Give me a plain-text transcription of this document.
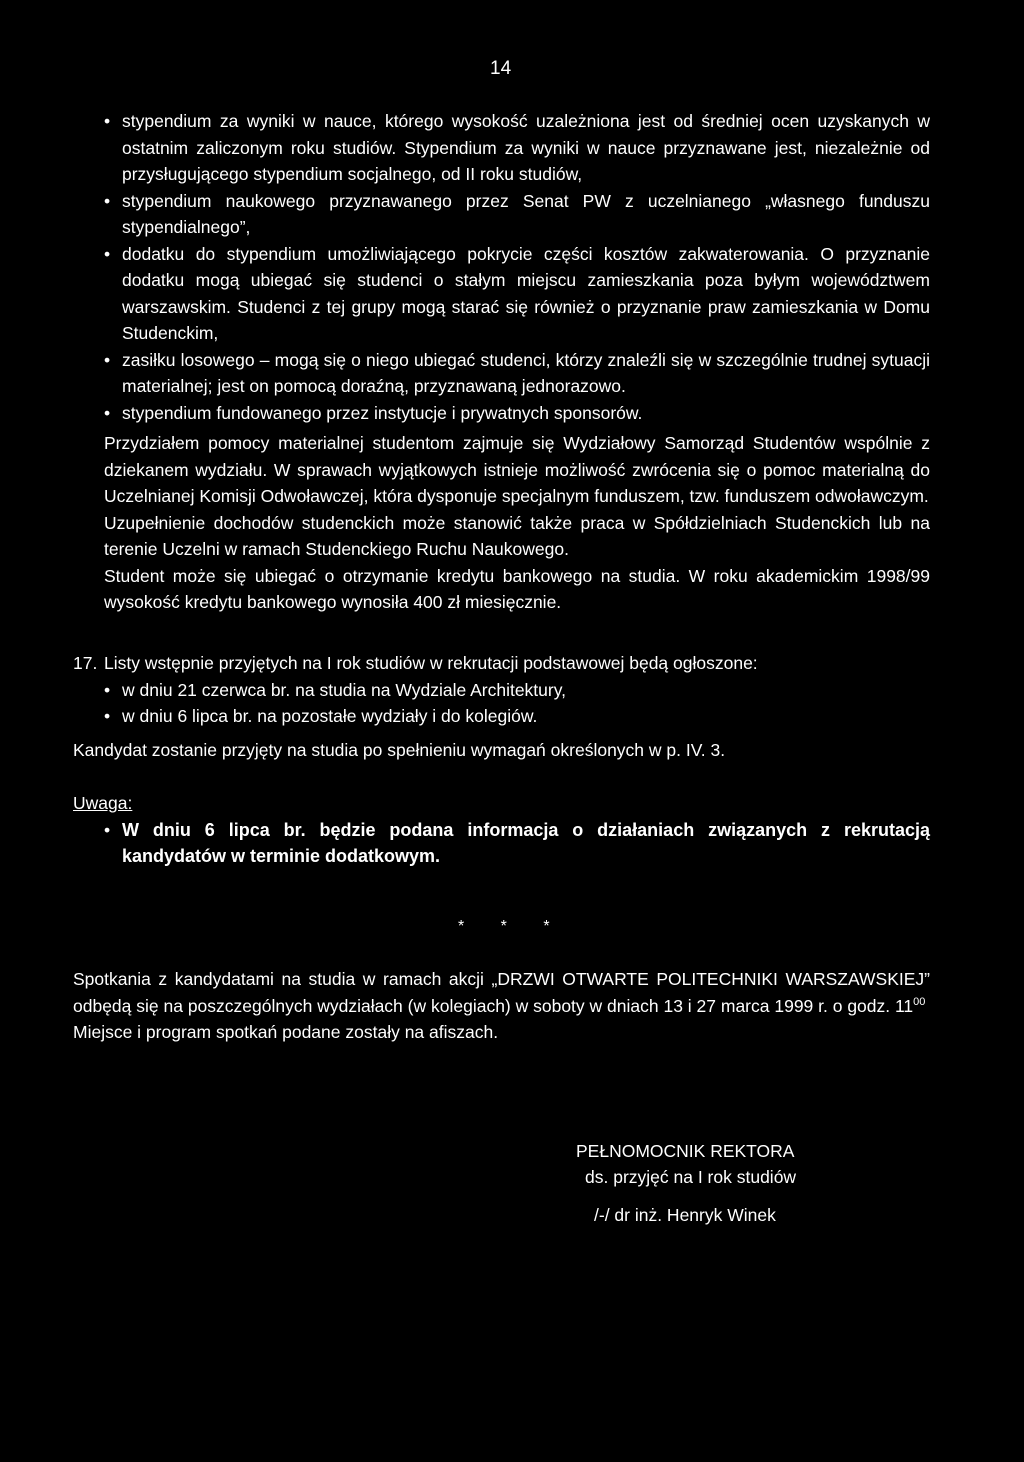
14
• stypendium za wyniki w nauce, którego wysokość uzależniona jest od średniej ocen uzyskanych w ostatnim zaliczonym roku studiów. Stypendium za wyniki w nauce przyznawane jest, niezależnie od przysługującego stypendium socjalnego, od II roku studiów,
• stypendium naukowego przyznawanego przez Senat PW z uczelnianego „własnego funduszu stypendialnego”,
• dodatku do stypendium umożliwiającego pokrycie części kosztów zakwaterowania. O przyznanie dodatku mogą ubiegać się studenci o stałym miejscu zamieszkania poza byłym województwem warszawskim. Studenci z tej grupy mogą starać się również o przyznanie praw zamieszkania w Domu Studenckim,
• zasiłku losowego – mogą się o niego ubiegać studenci, którzy znaleźli się w szczególnie trudnej sytuacji materialnej; jest on pomocą doraźną, przyznawaną jednorazowo.
• stypendium fundowanego przez instytucje i prywatnych sponsorów.
Przydziałem pomocy materialnej studentom zajmuje się Wydziałowy Samorząd Studentów wspólnie z dziekanem wydziału. W sprawach wyjątkowych istnieje możliwość zwrócenia się o pomoc materialną do Uczelnianej Komisji Odwoławczej, która dysponuje specjalnym funduszem, tzw. funduszem odwoławczym.
Uzupełnienie dochodów studenckich może stanowić także praca w Spółdzielniach Studenckich lub na terenie Uczelni w ramach Studenckiego Ruchu Naukowego.
Student może się ubiegać o otrzymanie kredytu bankowego na studia. W roku akademickim 1998/99 wysokość kredytu bankowego wynosiła 400 zł miesięcznie.
17. Listy wstępnie przyjętych na I rok studiów w rekrutacji podstawowej będą ogłoszone:
• w dniu 21 czerwca br. na studia na Wydziale Architektury,
• w dniu 6 lipca br. na pozostałe wydziały i do kolegiów.
Kandydat zostanie przyjęty na studia po spełnieniu wymagań określonych w p. IV. 3.
Uwaga:
• W dniu 6 lipca br. będzie podana informacja o działaniach związanych z rekrutacją kandydatów w terminie dodatkowym.
* * *
Spotkania z kandydatami na studia w ramach akcji „DRZWI OTWARTE POLITECHNIKI WARSZAWSKIEJ” odbędą się na poszczególnych wydziałach (w kolegiach) w soboty w dniach 13 i 27 marca 1999 r. o godz. $11^{00}$
Miejsce i program spotkań podane zostały na afiszach.
PEŁNOMOCNIK REKTORA
ds. przyjęć na I rok studiów
/-/ dr inż. Henryk Winek
